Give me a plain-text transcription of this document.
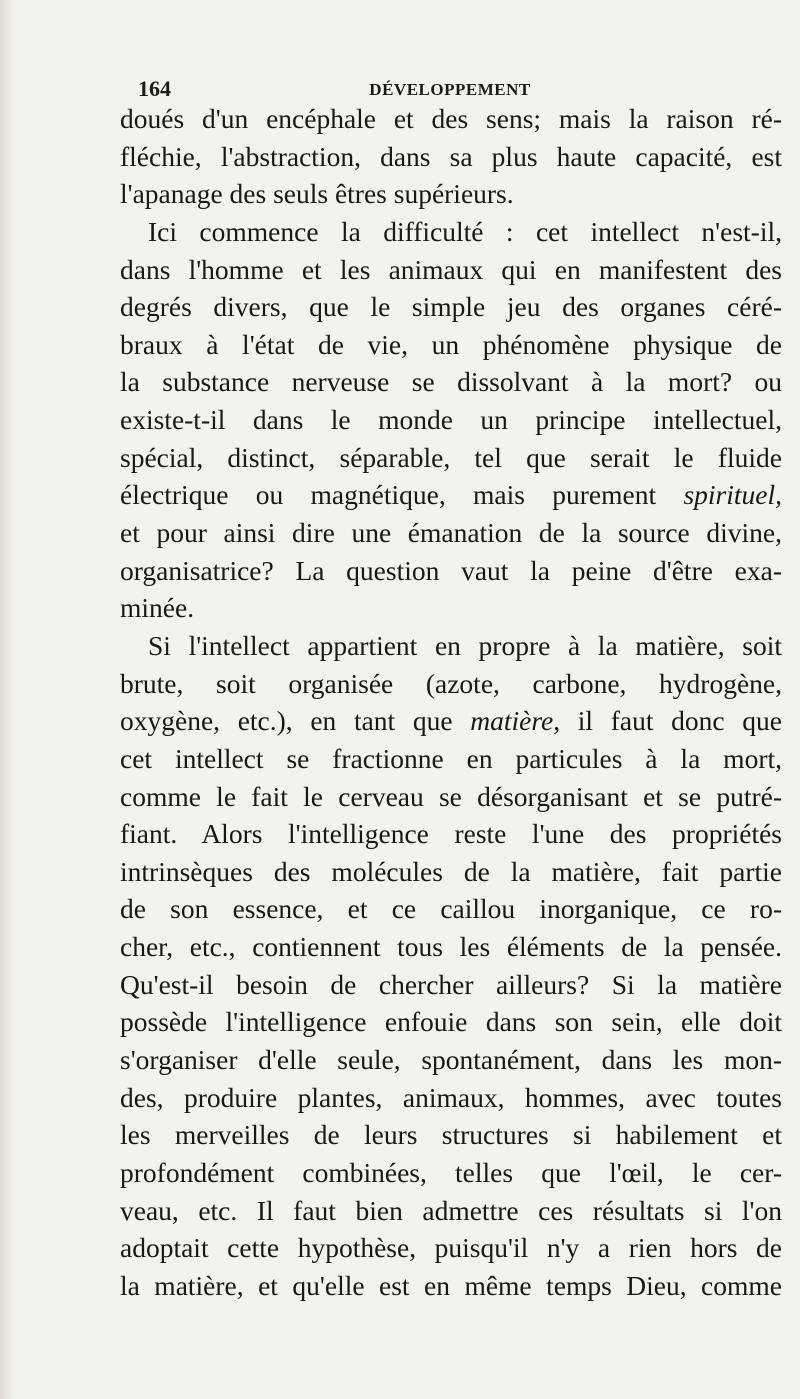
164	DÉVELOPPEMENT
doués d'un encéphale et des sens; mais la raison ré-
fléchie, l'abstraction, dans sa plus haute capacité, est
l'apanage des seuls êtres supérieurs.
Ici commence la difficulté : cet intellect n'est-il,
dans l'homme et les animaux qui en manifestent des
degrés divers, que le simple jeu des organes céré-
braux à l'état de vie, un phénomène physique de
la substance nerveuse se dissolvant à la mort? ou
existe-t-il dans le monde un principe intellectuel,
spécial, distinct, séparable, tel que serait le fluide
électrique ou magnétique, mais purement spirituel,
et pour ainsi dire une émanation de la source divine,
organisatrice? La question vaut la peine d'être exa-
minée.
Si l'intellect appartient en propre à la matière, soit
brute, soit organisée (azote, carbone, hydrogène,
oxygène, etc.), en tant que matière, il faut donc que
cet intellect se fractionne en particules à la mort,
comme le fait le cerveau se désorganisant et se putré-
fiant. Alors l'intelligence reste l'une des propriétés
intrinsèques des molécules de la matière, fait partie
de son essence, et ce caillou inorganique, ce ro-
cher, etc., contiennent tous les éléments de la pensée.
Qu'est-il besoin de chercher ailleurs? Si la matière
possède l'intelligence enfouie dans son sein, elle doit
s'organiser d'elle seule, spontanément, dans les mon-
des, produire plantes, animaux, hommes, avec toutes
les merveilles de leurs structures si habilement et
profondément combinées, telles que l'œil, le cer-
veau, etc. Il faut bien admettre ces résultats si l'on
adoptait cette hypothèse, puisqu'il n'y a rien hors de
la matière, et qu'elle est en même temps Dieu, comme
